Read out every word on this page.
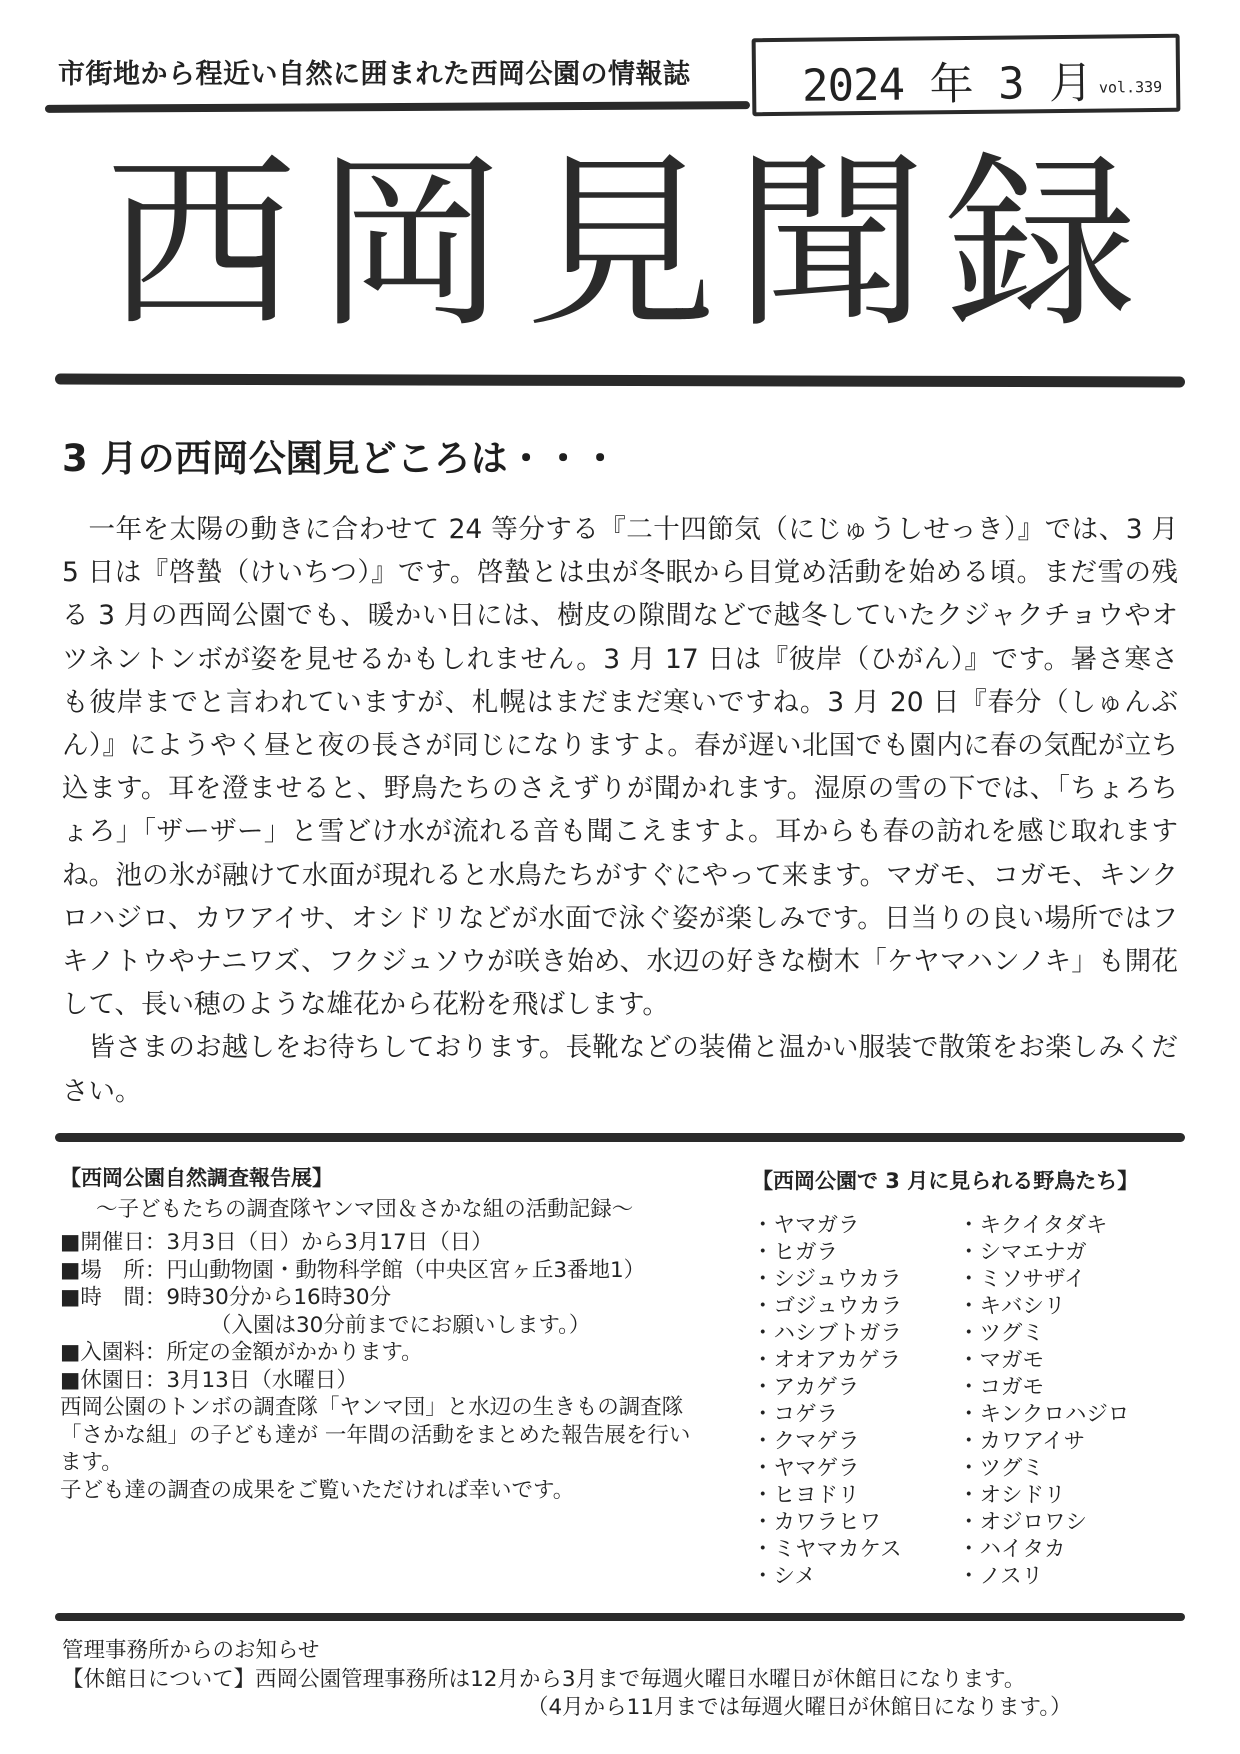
市街地から程近い自然に囲まれた西岡公園の情報誌	2024 年 3 月 vol.339
西岡見聞録
3 月の西岡公園見どころは・・・

一年を太陽の動きに合わせて 24 等分する『二十四節気（にじゅうしせっき）』では、3 月 5 日は『啓蟄（けいちつ）』です。啓蟄とは虫が冬眠から目覚め活動を始める頃。まだ雪の残る 3 月の西岡公園でも、暖かい日には、樹皮の隙間などで越冬していたクジャクチョウやオツネントンボが姿を見せるかもしれません。3 月 17 日は『彼岸（ひがん）』です。暑さ寒さも彼岸までと言われていますが、札幌はまだまだ寒いですね。3 月 20 日『春分（しゅんぶん）』にようやく昼と夜の長さが同じになりますよ。春が遅い北国でも園内に春の気配が立ち込ます。耳を澄ませると、野鳥たちのさえずりが聞かれます。湿原の雪の下では、「ちょろちょろ」「ザーザー」と雪どけ水が流れる音も聞こえますよ。耳からも春の訪れを感じ取れますね。池の氷が融けて水面が現れると水鳥たちがすぐにやって来ます。マガモ、コガモ、キンクロハジロ、カワアイサ、オシドリなどが水面で泳ぐ姿が楽しみです。日当りの良い場所ではフキノトウやナニワズ、フクジュソウが咲き始め、水辺の好きな樹木「ケヤマハンノキ」も開花して、長い穂のような雄花から花粉を飛ばします。

皆さまのお越しをお待ちしております。長靴などの装備と温かい服装で散策をお楽しみください。

【西岡公園自然調査報告展】
～子どもたちの調査隊ヤンマ団＆さかな組の活動記録～
■開催日：3月3日（日）から3月17日（日）
■場　所：円山動物園・動物科学館（中央区宮ヶ丘3番地1）
■時　間：9時30分から16時30分
（入園は30分前までにお願いします。）
■入園料：所定の金額がかかります。
■休園日：3月13日（水曜日）
西岡公園のトンボの調査隊「ヤンマ団」と水辺の生きもの調査隊「さかな組」の子ども達が 一年間の活動をまとめた報告展を行います。
子ども達の調査の成果をご覧いただければ幸いです。
【西岡公園で 3 月に見られる野鳥たち】
・ヤマガラ
・ヒガラ
・シジュウカラ
・ゴジュウカラ
・ハシブトガラ
・オオアカゲラ
・アカゲラ
・コゲラ
・クマゲラ
・ヤマゲラ
・ヒヨドリ
・カワラヒワ
・ミヤマカケス
・シメ
・キクイタダキ
・シマエナガ
・ミソサザイ
・キバシリ
・ツグミ
・マガモ
・コガモ
・キンクロハジロ
・カワアイサ
・ツグミ
・オシドリ
・オジロワシ
・ハイタカ
・ノスリ
管理事務所からのお知らせ
【休館日について】西岡公園管理事務所は12月から3月まで毎週火曜日水曜日が休館日になります。
（4月から11月までは毎週火曜日が休館日になります。）
